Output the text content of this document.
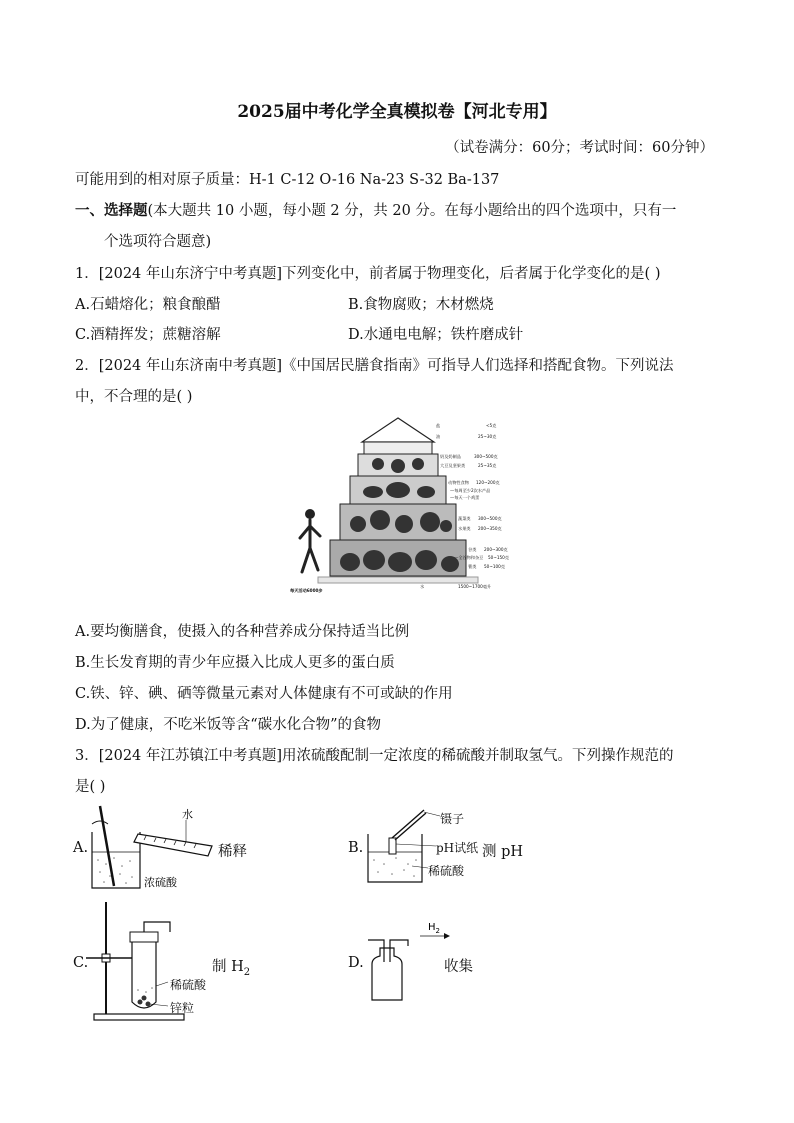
2025届中考化学全真模拟卷【河北专用】
（试卷满分：60分；考试时间：60分钟）
可能用到的相对原子质量：H-1 C-12 O-16 Na-23 S-32 Ba-137
一、选择题(本大题共 10 小题，每小题 2 分，共 20 分。在每小题给出的四个选项中，只有一
个选项符合题意)
1．[2024 年山东济宁中考真题]下列变化中，前者属于物理变化，后者属于化学变化的是( )
A.石蜡熔化；粮食酿醋	B.食物腐败；木材燃烧
C.酒精挥发；蔗糖溶解	D.水通电电解；铁杵磨成针
2．[2024 年山东济南中考真题]《中国居民膳食指南》可指导人们选择和搭配食物。下列说法
中，不合理的是( )
盐	<5克
油	25~30克
奶及奶制品	300~500克
大豆及坚果类	25~35克
动物性食物 120~200克
—每周至少2次水产品
—每天一个鸡蛋
蔬菜类 300~500克
水果类 200~350克
谷类 200~300克
—全谷物和杂豆 50~150克
薯类 50~100克
水	1500~1700毫升
每天活动6000步
A.要均衡膳食，使摄入的各种营养成分保持适当比例
B.生长发育期的青少年应摄入比成人更多的蛋白质
C.铁、锌、碘、硒等微量元素对人体健康有不可或缺的作用
D.为了健康，不吃米饭等含“碳水化合物”的食物
3．[2024 年江苏镇江中考真题]用浓硫酸配制一定浓度的稀硫酸并制取氢气。下列操作规范的
是( )
A.
水
浓硫酸
稀释	B.
镊子
pH试纸 测 pH
稀硫酸
C.
稀硫酸
锌粒
制 $H_2$
D.
$H_2$
收集
